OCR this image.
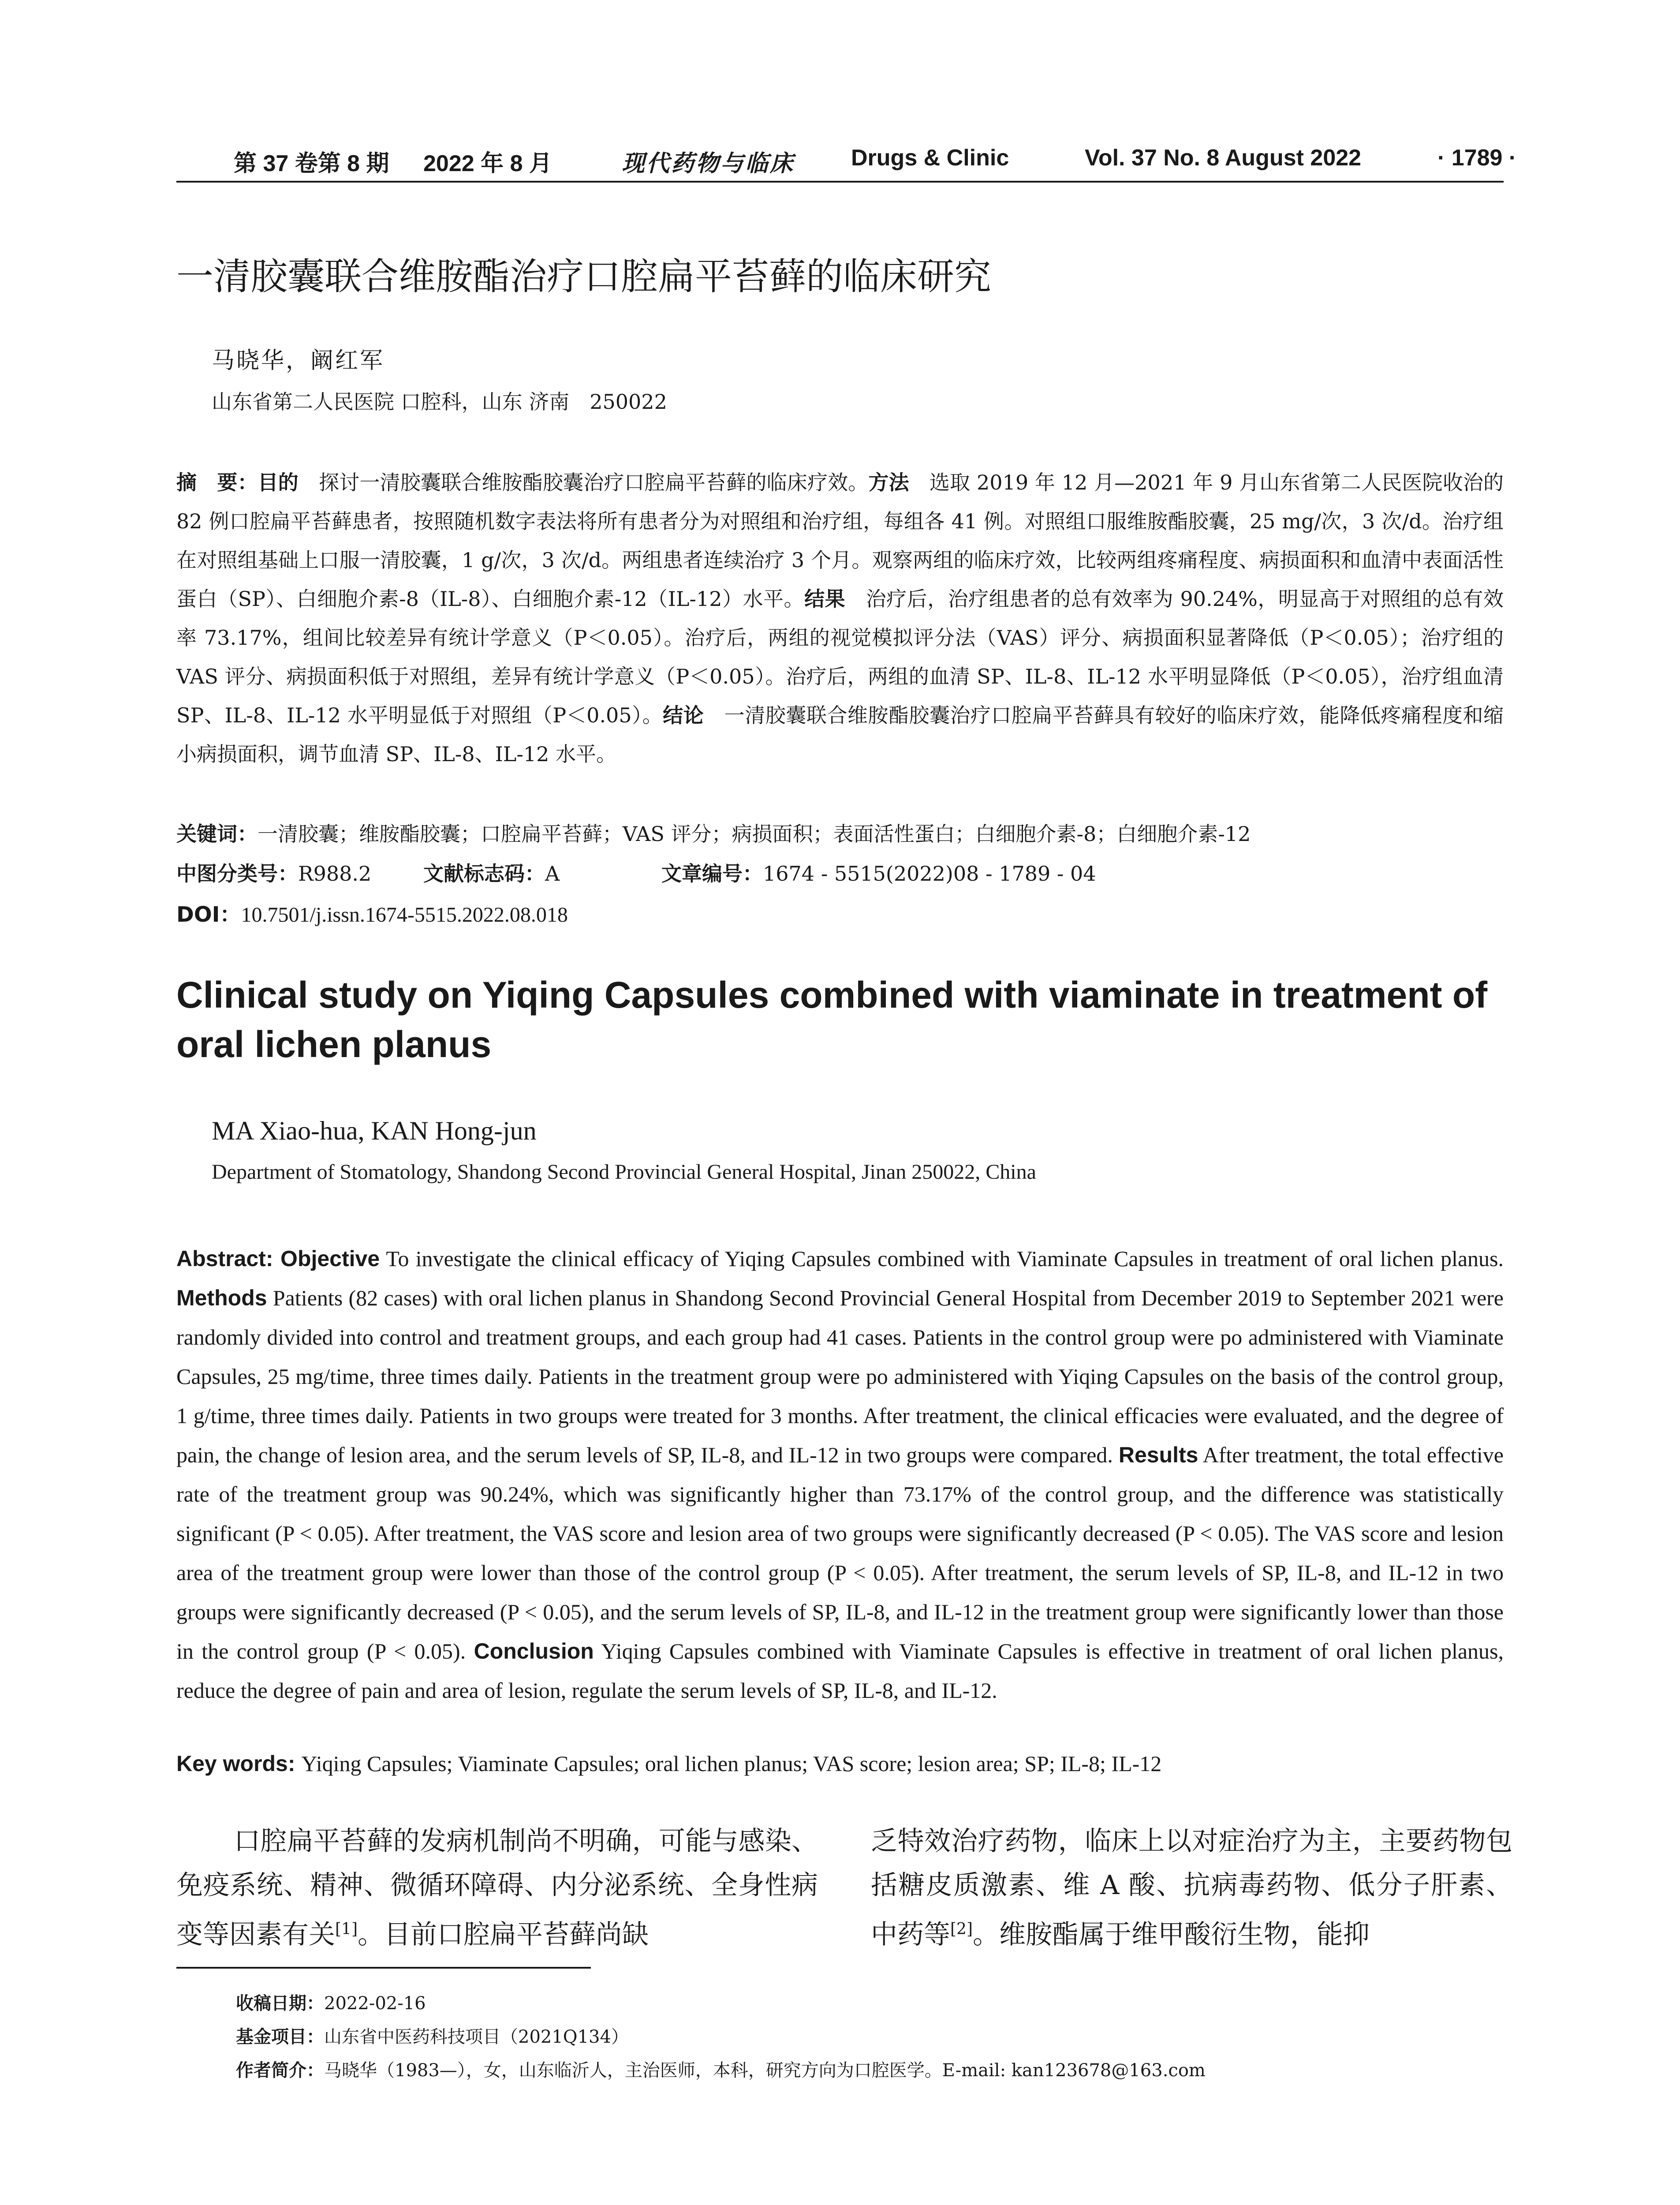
第 37 卷第 8 期 2022 年 8 月	现代药物与临床 Drugs & Clinic	Vol. 37 No. 8 August 2022	· 1789 ·
一清胶囊联合维胺酯治疗口腔扁平苔藓的临床研究
马晓华，阚红军
山东省第二人民医院 口腔科，山东 济南　250022
摘　要：目的　探讨一清胶囊联合维胺酯胶囊治疗口腔扁平苔藓的临床疗效。方法　选取 2019 年 12 月—2021 年 9 月山东省第二人民医院收治的 82 例口腔扁平苔藓患者，按照随机数字表法将所有患者分为对照组和治疗组，每组各 41 例。对照组口服维胺酯胶囊，25 mg/次，3 次/d。治疗组在对照组基础上口服一清胶囊，1 g/次，3 次/d。两组患者连续治疗 3 个月。观察两组的临床疗效，比较两组疼痛程度、病损面积和血清中表面活性蛋白（SP）、白细胞介素-8（IL-8）、白细胞介素-12（IL-12）水平。结果　治疗后，治疗组患者的总有效率为 90.24%，明显高于对照组的总有效率 73.17%，组间比较差异有统计学意义（P＜0.05）。治疗后，两组的视觉模拟评分法（VAS）评分、病损面积显著降低（P＜0.05）；治疗组的 VAS 评分、病损面积低于对照组，差异有统计学意义（P＜0.05）。治疗后，两组的血清 SP、IL-8、IL-12 水平明显降低（P＜0.05），治疗组血清 SP、IL-8、IL-12 水平明显低于对照组（P＜0.05）。结论　一清胶囊联合维胺酯胶囊治疗口腔扁平苔藓具有较好的临床疗效，能降低疼痛程度和缩小病损面积，调节血清 SP、IL-8、IL-12 水平。
关键词：一清胶囊；维胺酯胶囊；口腔扁平苔藓；VAS 评分；病损面积；表面活性蛋白；白细胞介素-8；白细胞介素-12
中图分类号：R988.2	文献标志码：A	文章编号：1674 - 5515(2022)08 - 1789 - 04
DOI：10.7501/j.issn.1674-5515.2022.08.018
Clinical study on Yiqing Capsules combined with viaminate in treatment of oral lichen planus
MA Xiao-hua, KAN Hong-jun
Department of Stomatology, Shandong Second Provincial General Hospital, Jinan 250022, China
Abstract: Objective To investigate the clinical efficacy of Yiqing Capsules combined with Viaminate Capsules in treatment of oral lichen planus. Methods Patients (82 cases) with oral lichen planus in Shandong Second Provincial General Hospital from December 2019 to September 2021 were randomly divided into control and treatment groups, and each group had 41 cases. Patients in the control group were po administered with Viaminate Capsules, 25 mg/time, three times daily. Patients in the treatment group were po administered with Yiqing Capsules on the basis of the control group, 1 g/time, three times daily. Patients in two groups were treated for 3 months. After treatment, the clinical efficacies were evaluated, and the degree of pain, the change of lesion area, and the serum levels of SP, IL-8, and IL-12 in two groups were compared. Results After treatment, the total effective rate of the treatment group was 90.24%, which was significantly higher than 73.17% of the control group, and the difference was statistically significant (P < 0.05). After treatment, the VAS score and lesion area of two groups were significantly decreased (P < 0.05). The VAS score and lesion area of the treatment group were lower than those of the control group (P < 0.05). After treatment, the serum levels of SP, IL-8, and IL-12 in two groups were significantly decreased (P < 0.05), and the serum levels of SP, IL-8, and IL-12 in the treatment group were significantly lower than those in the control group (P < 0.05). Conclusion Yiqing Capsules combined with Viaminate Capsules is effective in treatment of oral lichen planus, reduce the degree of pain and area of lesion, regulate the serum levels of SP, IL-8, and IL-12.
Key words: Yiqing Capsules; Viaminate Capsules; oral lichen planus; VAS score; lesion area; SP; IL-8; IL-12
口腔扁平苔藓的发病机制尚不明确，可能与感染、免疫系统、精神、微循环障碍、内分泌系统、全身性病变等因素有关[1]。目前口腔扁平苔藓尚缺
乏特效治疗药物，临床上以对症治疗为主，主要药物包括糖皮质激素、维 A 酸、抗病毒药物、低分子肝素、中药等[2]。维胺酯属于维甲酸衍生物，能抑
收稿日期：2022-02-16
基金项目：山东省中医药科技项目（2021Q134）
作者简介：马晓华（1983—），女，山东临沂人，主治医师，本科，研究方向为口腔医学。E-mail: kan123678@163.com
